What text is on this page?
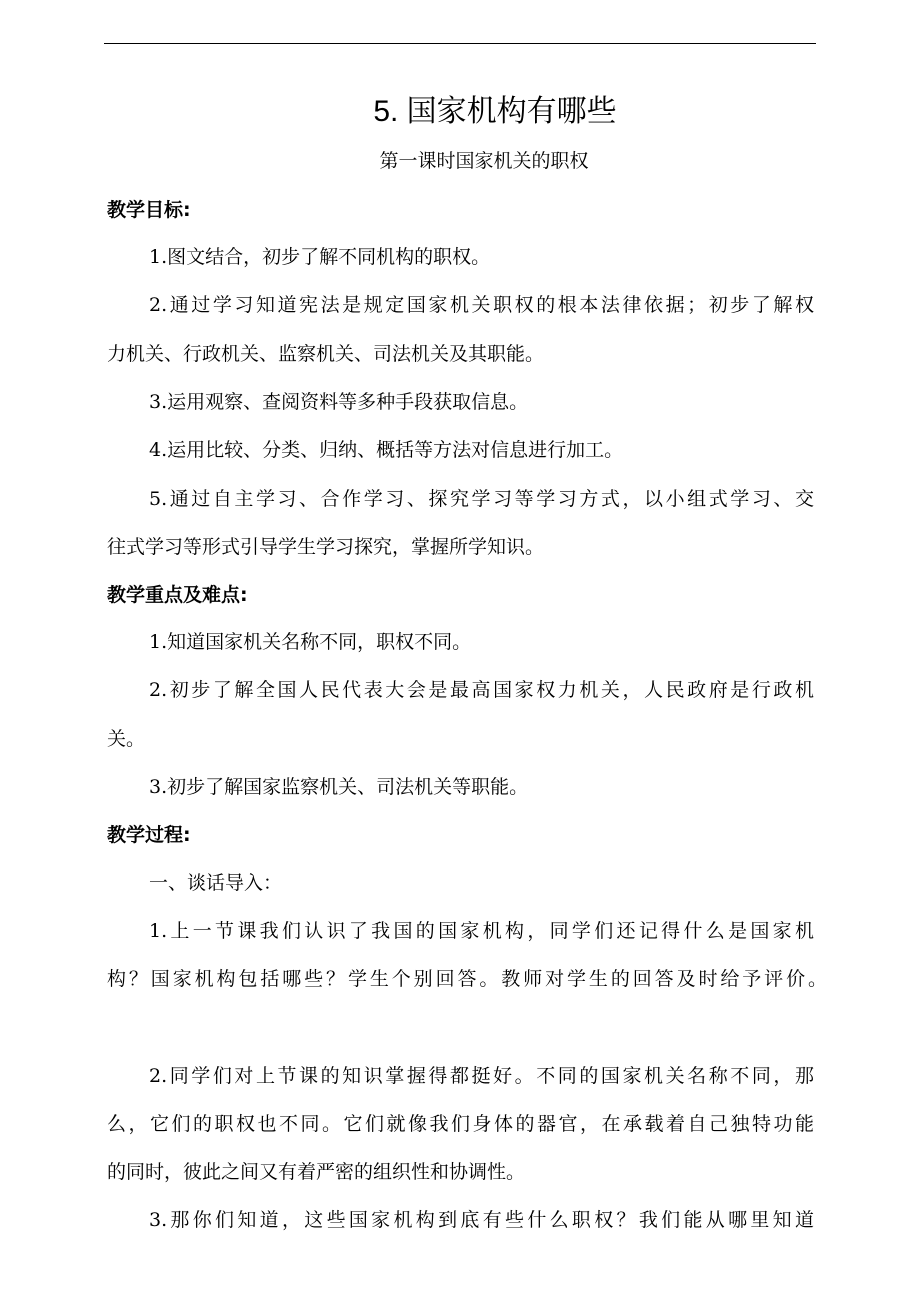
5. 国家机构有哪些
第一课时国家机关的职权
教学目标:
1.图文结合，初步了解不同机构的职权。
2.通过学习知道宪法是规定国家机关职权的根本法律依据；初步了解权
力机关、行政机关、监察机关、司法机关及其职能。
3.运用观察、查阅资料等多种手段获取信息。
4.运用比较、分类、归纳、概括等方法对信息进行加工。
5.通过自主学习、合作学习、探究学习等学习方式，以小组式学习、交
往式学习等形式引导学生学习探究，掌握所学知识。
教学重点及难点:
1.知道国家机关名称不同，职权不同。
2.初步了解全国人民代表大会是最高国家权力机关，人民政府是行政机
关。
3.初步了解国家监察机关、司法机关等职能。
教学过程:
一、谈话导入：
1.上一节课我们认识了我国的国家机构，同学们还记得什么是国家机
构？国家机构包括哪些？学生个别回答。教师对学生的回答及时给予评价。
2.同学们对上节课的知识掌握得都挺好。不同的国家机关名称不同，那
么，它们的职权也不同。它们就像我们身体的器官，在承载着自己独特功能
的同时，彼此之间又有着严密的组织性和协调性。
3.那你们知道，这些国家机构到底有些什么职权？我们能从哪里知道
